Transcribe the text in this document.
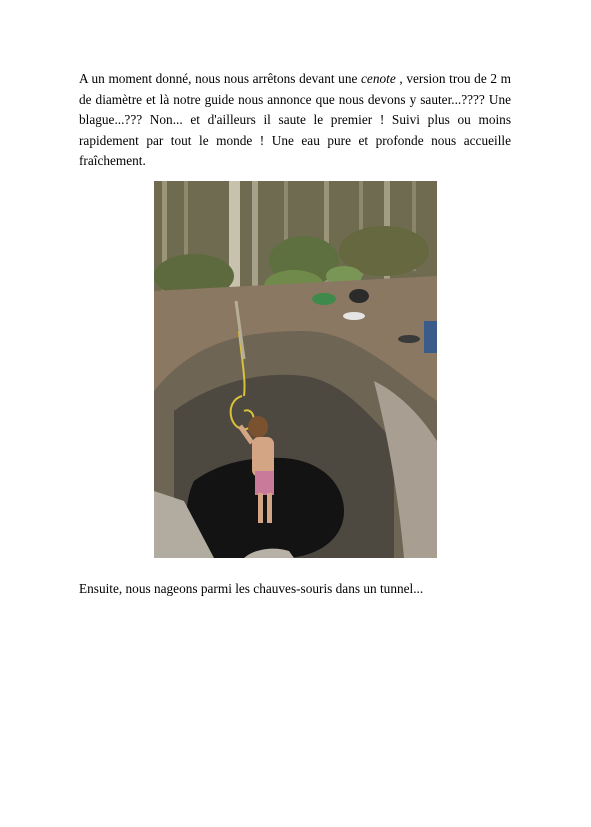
A un moment donné, nous nous arrêtons devant une cenote , version trou de 2 m de diamètre et là notre guide nous annonce que nous devons y sauter...???? Une blague...??? Non... et d'ailleurs il saute le premier ! Suivi plus ou moins rapidement par tout le monde ! Une eau pure et profonde nous accueille fraîchement.

Ensuite, nous nageons parmi les chauves-souris dans un tunnel...
